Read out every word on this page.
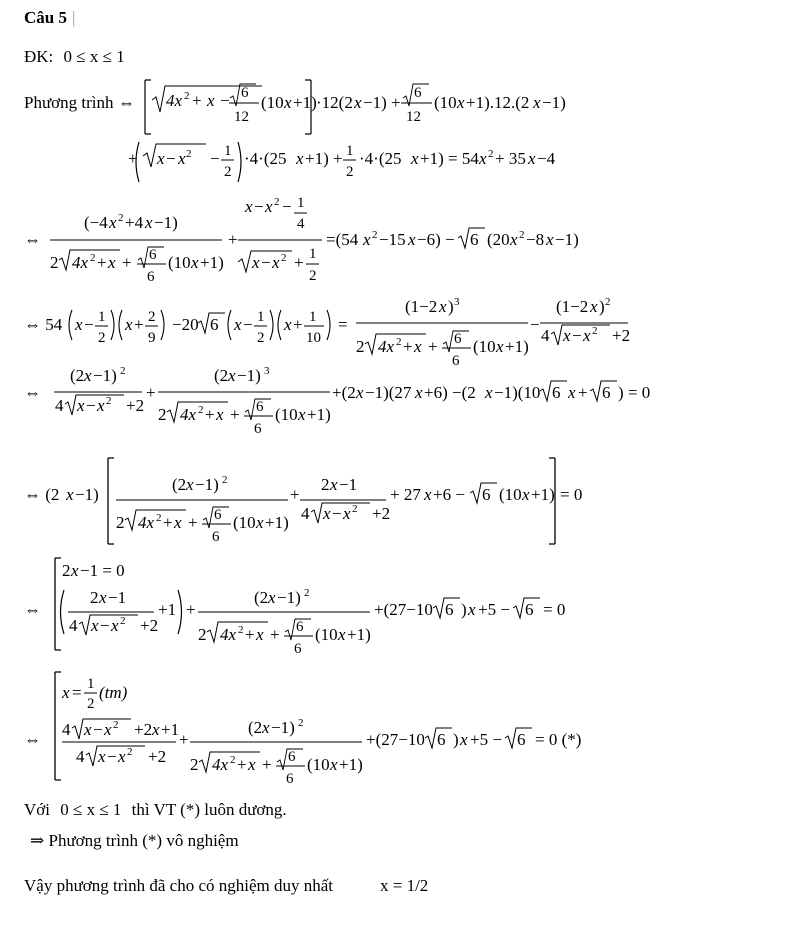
Câu 5 |
ĐK: 0 ≤ x ≤ 1
Phương trình
Với 0 ≤ x ≤ 1 thì VT (*) luôn dương.
⇒ Phương trình (*) vô nghiệm
Vậy phương trình đã cho có nghiệm duy nhất	x = 1/2
⇔ 4x 2 + x − 6
12
(10 x +1) ·12(2 x −1) + 6
12
(10 x +1).12.(2 x −1)
+ x − x 2 − 1
2
·4·(25 x +1) + 1
2
·4·(25 x +1) = 54 x 2 + 35 x −4
⇔
(−4 x 2 +4 x −1)
2 4x 2 + x + 6
6
(10 x +1)
+
x − x 2 − 1
4
x − x 2 + 1
2
=(54 x 2 −15 x −6) − 6 (20 x 2 −8 x −1)
⇔ 54 x − 1
2
x + 2
9
−20 6 x − 1
2
x + 1
10
=
(1−2 x ) 3
2 4x 2 + x + 6
6
(10 x +1)
−
(1−2 x ) 2
4 x − x 2 +2
⇔
(2 x −1) 2
4 x − x 2 +2
+
(2 x −1) 3
2 4x 2 + x + 6
6
(10 x +1)
+(2 x −1)(27 x +6) −(2 x −1)(10 6 x + 6 ) = 0
⇔ (2 x −1)
(2 x −1) 2
2 4x 2 + x + 6
6
(10 x +1)
+
2 x −1
4 x − x 2 +2
+ 27 x +6 − 6 (10 x +1) = 0
⇔
2 x −1 = 0
2 x −1
4 x − x 2 +2
+1 +
(2 x −1) 2
2 4x 2 + x + 6
6
(10 x +1)
+(27−10 6 ) x +5 − 6 = 0
⇔
x = 1
2
(tm)
4 x − x 2 +2 x +1
4 x − x 2 +2
+
(2 x −1) 2
2 4x 2 + x + 6
6
(10 x +1)
+(27−10 6 ) x +5 − 6 = 0 (*)
